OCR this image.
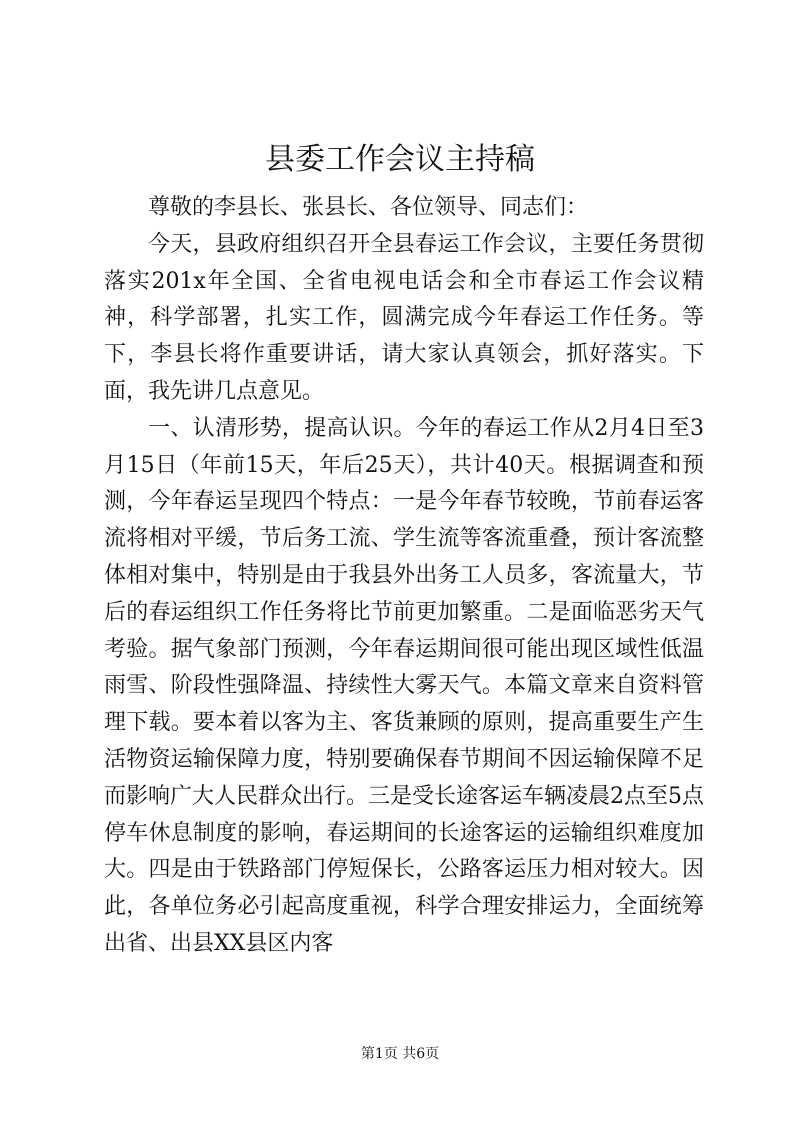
县委工作会议主持稿

尊敬的李县长、张县长、各位领导、同志们：

今天，县政府组织召开全县春运工作会议，主要任务贯彻落实201x年全国、全省电视电话会和全市春运工作会议精神，科学部署，扎实工作，圆满完成今年春运工作任务。等下，李县长将作重要讲话，请大家认真领会，抓好落实。下面，我先讲几点意见。

一、认清形势，提高认识。今年的春运工作从2月4日至3月15日（年前15天，年后25天），共计40天。根据调查和预测，今年春运呈现四个特点：一是今年春节较晚，节前春运客流将相对平缓，节后务工流、学生流等客流重叠，预计客流整体相对集中，特别是由于我县外出务工人员多，客流量大，节后的春运组织工作任务将比节前更加繁重。二是面临恶劣天气考验。据气象部门预测，今年春运期间很可能出现区域性低温雨雪、阶段性强降温、持续性大雾天气。本篇文章来自资料管理下载。要本着以客为主、客货兼顾的原则，提高重要生产生活物资运输保障力度，特别要确保春节期间不因运输保障不足而影响广大人民群众出行。三是受长途客运车辆凌晨2点至5点停车休息制度的影响，春运期间的长途客运的运输组织难度加大。四是由于铁路部门停短保长，公路客运压力相对较大。因此，各单位务必引起高度重视，科学合理安排运力，全面统筹出省、出县XX县区内客

第1页 共6页
